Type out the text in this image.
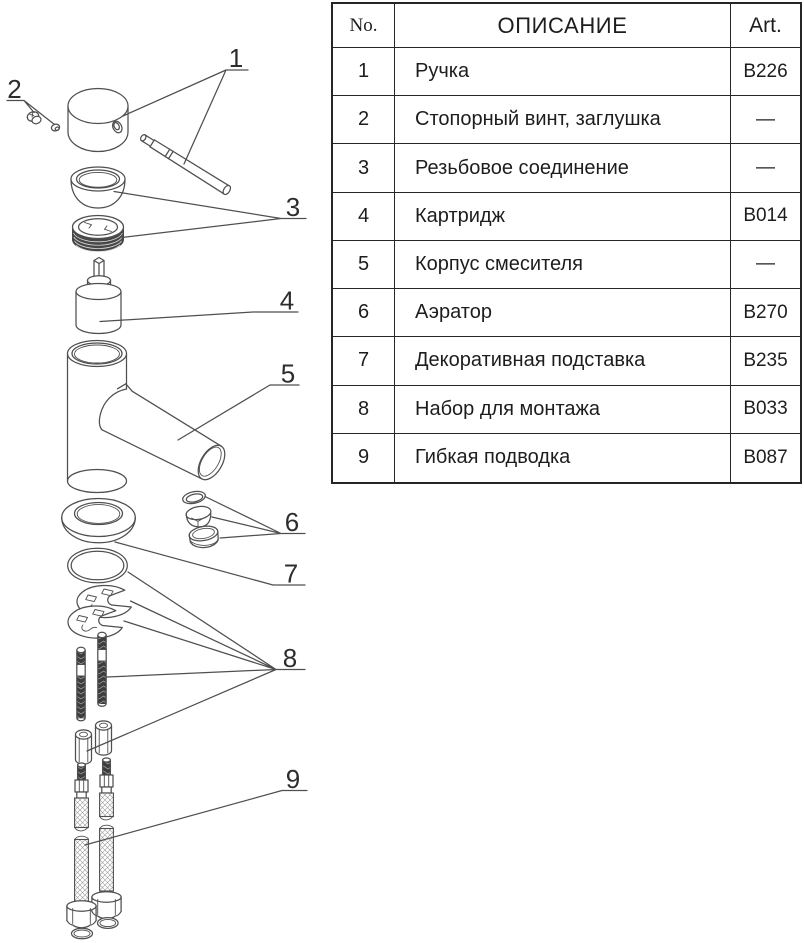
1
2
3
4
5
6
7
8
9
No.	ОПИСАНИЕ	Art.
1	Ручка	B226
2	Стопорный винт, заглушка	—
3	Резьбовое соединение	—
4	Картридж	B014
5	Корпус смесителя	—
6	Аэратор	B270
7	Декоративная подставка	B235
8	Набор для монтажа	B033
9	Гибкая подводка	B087
